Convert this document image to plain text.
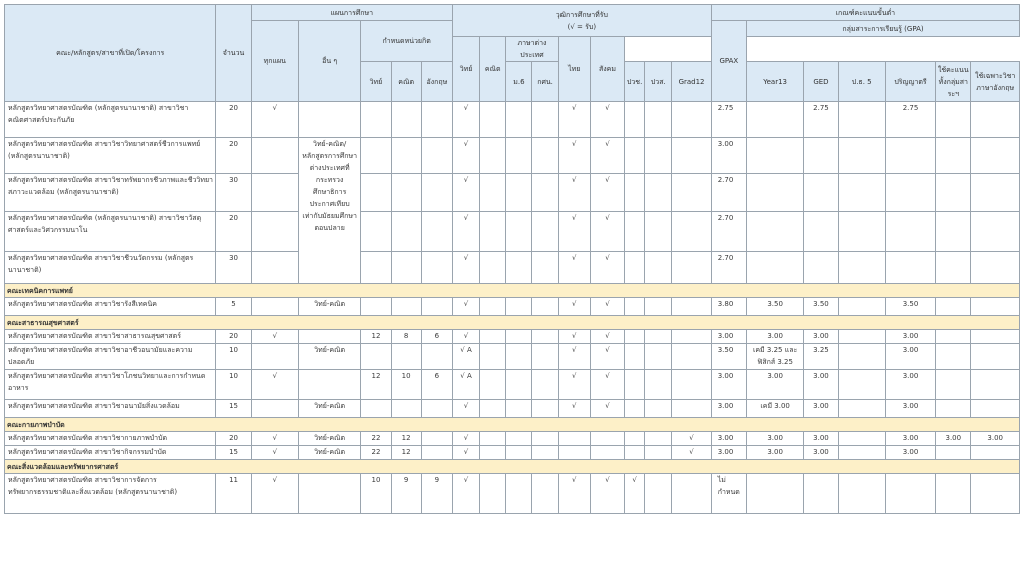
คณะ/หลักสูตร/สาขาที่เปิด/โครงการ	จำนวน	แผนการศึกษา					วุฒิการศึกษาที่รับ
(√ = รับ)									เกณฑ์คะแนนขั้นต่ำ						
		ทุกแผน	อื่น ๆ	กำหนดหน่วยกิต												GPAX	กลุ่มสาระการเรียนรู้ (GPA)					
							วิทย์	คณิต	ภาษาต่างประเทศ		ไทย	สังคม										
				วิทย์	คณิต	อังกฤษ			ม.6	กศน.			ปวช.	ปวส.	Grad12		Year13	GED	ป.ธ. 5	ปริญญาตรี	ใช้คะแนนทั้งกลุ่มสาระฯ	ใช้เฉพาะวิชาภาษาอังกฤษ
หลักสูตรวิทยาศาสตรบัณฑิต (หลักสูตรนานาชาติ) สาขาวิชาคณิตศาสตร์ประกันภัย	20	√					√				√	√				2.75		2.75		2.75		
หลักสูตรวิทยาศาสตรบัณฑิต สาขาวิชาวิทยาศาสตร์ชีวการแพทย์ (หลักสูตรนานาชาติ)	20		วิทย์-คณิต/ หลักสูตรการศึกษาต่างประเทศที่กระทรวงศึกษาธิการประกาศเทียบเท่ากับมัธยมศึกษาตอนปลาย				√				√	√				3.00						
หลักสูตรวิทยาศาสตรบัณฑิต สาขาวิชาทรัพยากรชีวภาพและชีววิทยาสภาวะแวดล้อม (หลักสูตรนานาชาติ)	30						√				√	√				2.70						
หลักสูตรวิทยาศาสตรบัณฑิต (หลักสูตรนานาชาติ) สาขาวิชาวัสดุศาสตร์และวิศวกรรมนาโน	20						√				√	√				2.70						
หลักสูตรวิทยาศาสตรบัณฑิต สาขาวิชาชีวนวัตกรรม (หลักสูตรนานาชาติ)	30						√				√	√				2.70						
คณะเทคนิคการแพทย์																						
หลักสูตรวิทยาศาสตรบัณฑิต สาขาวิชารังสีเทคนิค	5		วิทย์-คณิต				√				√	√				3.80	3.50	3.50		3.50		
คณะสาธารณสุขศาสตร์																						
หลักสูตรวิทยาศาสตรบัณฑิต สาขาวิชาสาธารณสุขศาสตร์	20	√		12	8	6	√				√	√				3.00	3.00	3.00		3.00		
หลักสูตรวิทยาศาสตรบัณฑิต สาขาวิชาอาชีวอนามัยและความปลอดภัย	10		วิทย์-คณิต				√ A				√	√				3.50	เคมี 3.25 และ ฟิสิกส์ 3.25	3.25		3.00		
หลักสูตรวิทยาศาสตรบัณฑิต สาขาวิชาโภชนวิทยาและการกำหนดอาหาร	10	√		12	10	6	√ A				√	√				3.00	3.00	3.00		3.00		
หลักสูตรวิทยาศาสตรบัณฑิต สาขาวิชาอนามัยสิ่งแวดล้อม	15		วิทย์-คณิต				√				√	√				3.00	เคมี 3.00	3.00		3.00		
คณะกายภาพบำบัด																						
หลักสูตรวิทยาศาสตรบัณฑิต สาขาวิชากายภาพบำบัด	20	√	วิทย์-คณิต	22	12		√								√	3.00	3.00	3.00		3.00	3.00	3.00
หลักสูตรวิทยาศาสตรบัณฑิต สาขาวิชากิจกรรมบำบัด	15	√	วิทย์-คณิต	22	12		√								√	3.00	3.00	3.00		3.00		
คณะสิ่งแวดล้อมและทรัพยากรศาสตร์																						
หลักสูตรวิทยาศาสตรบัณฑิต สาขาวิชาการจัดการทรัพยากรธรรมชาติและสิ่งแวดล้อม (หลักสูตรนานาชาติ)	11	√		10	9	9	√				√	√	√			ไม่กำหนด						
